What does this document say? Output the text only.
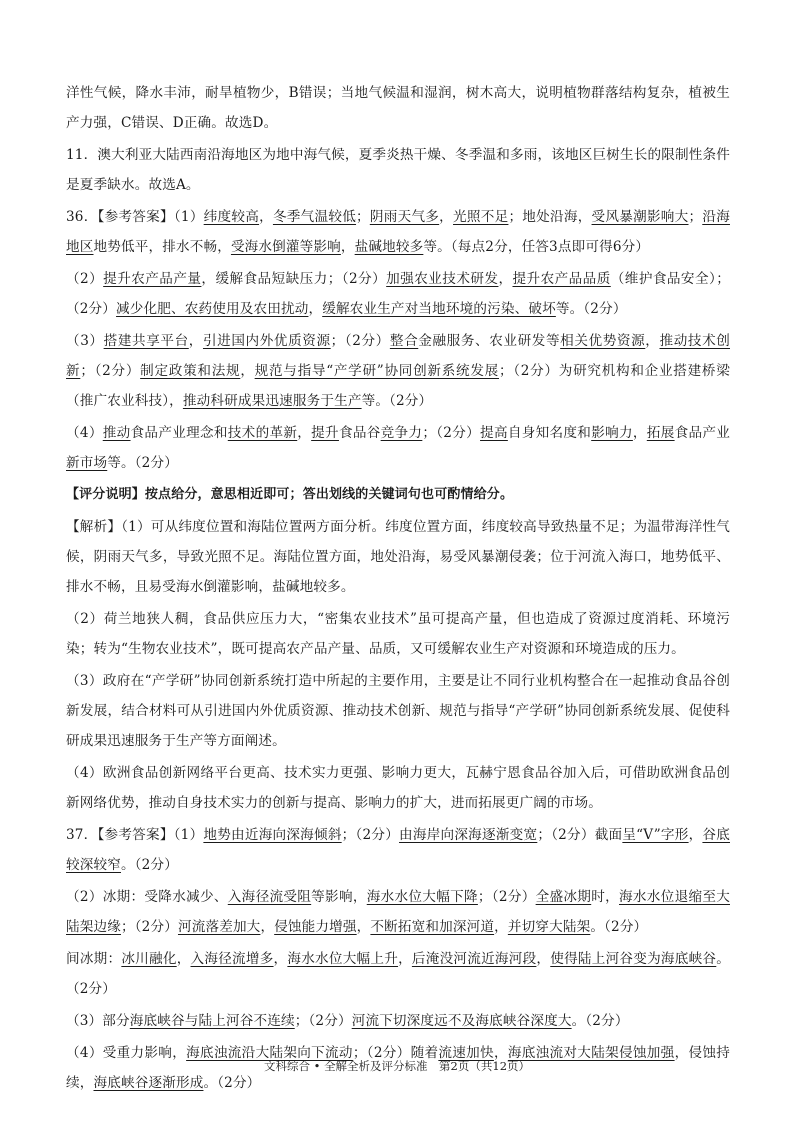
洋性气候，降水丰沛，耐旱植物少，B错误；当地气候温和湿润，树木高大，说明植物群落结构复杂，植被生产力强，C错误、D正确。故选D。

11．澳大利亚大陆西南沿海地区为地中海气候，夏季炎热干燥、冬季温和多雨，该地区巨树生长的限制性条件是夏季缺水。故选A。

36．【参考答案】（1）纬度较高，冬季气温较低；阴雨天气多，光照不足；地处沿海，受风暴潮影响大；沿海地区地势低平，排水不畅，受海水倒灌等影响，盐碱地较多等。（每点2分，任答3点即可得6分）

（2）提升农产品产量，缓解食品短缺压力；（2分）加强农业技术研发，提升农产品品质（维护食品安全）；（2分）减少化肥、农药使用及农田扰动，缓解农业生产对当地环境的污染、破坏等。（2分）

（3）搭建共享平台，引进国内外优质资源；（2分）整合金融服务、农业研发等相关优势资源，推动技术创新；（2分）制定政策和法规，规范与指导“产学研”协同创新系统发展；（2分）为研究机构和企业搭建桥梁（推广农业科技），推动科研成果迅速服务于生产等。（2分）

（4）推动食品产业理念和技术的革新，提升食品谷竞争力；（2分）提高自身知名度和影响力，拓展食品产业新市场等。（2分）

【评分说明】按点给分，意思相近即可；答出划线的关键词句也可酌情给分。

【解析】（1）可从纬度位置和海陆位置两方面分析。纬度位置方面，纬度较高导致热量不足；为温带海洋性气候，阴雨天气多，导致光照不足。海陆位置方面，地处沿海，易受风暴潮侵袭；位于河流入海口，地势低平、排水不畅，且易受海水倒灌影响，盐碱地较多。

（2）荷兰地狭人稠，食品供应压力大，“密集农业技术”虽可提高产量，但也造成了资源过度消耗、环境污染；转为“生物农业技术”，既可提高农产品产量、品质，又可缓解农业生产对资源和环境造成的压力。

（3）政府在“产学研”协同创新系统打造中所起的主要作用，主要是让不同行业机构整合在一起推动食品谷创新发展，结合材料可从引进国内外优质资源、推动技术创新、规范与指导“产学研”协同创新系统发展、促使科研成果迅速服务于生产等方面阐述。

（4）欧洲食品创新网络平台更高、技术实力更强、影响力更大，瓦赫宁恩食品谷加入后，可借助欧洲食品创新网络优势，推动自身技术实力的创新与提高、影响力的扩大，进而拓展更广阔的市场。

37．【参考答案】（1）地势由近海向深海倾斜；（2分）由海岸向深海逐渐变宽；（2分）截面呈“V”字形，谷底较深较窄。（2分）

（2）冰期：受降水减少、入海径流受阻等影响，海水水位大幅下降；（2分）全盛冰期时，海水水位退缩至大陆架边缘；（2分）河流落差加大，侵蚀能力增强，不断拓宽和加深河道，并切穿大陆架。（2分）

间冰期：冰川融化，入海径流增多，海水水位大幅上升，后淹没河流近海河段，使得陆上河谷变为海底峡谷。（2分）

（3）部分海底峡谷与陆上河谷不连续；（2分）河流下切深度远不及海底峡谷深度大。（2分）

（4）受重力影响，海底浊流沿大陆架向下流动；（2分）随着流速加快，海底浊流对大陆架侵蚀加强，侵蚀持续，海底峡谷逐渐形成。（2分）

文科综合 • 全解全析及评分标准　第2页（共12页）
